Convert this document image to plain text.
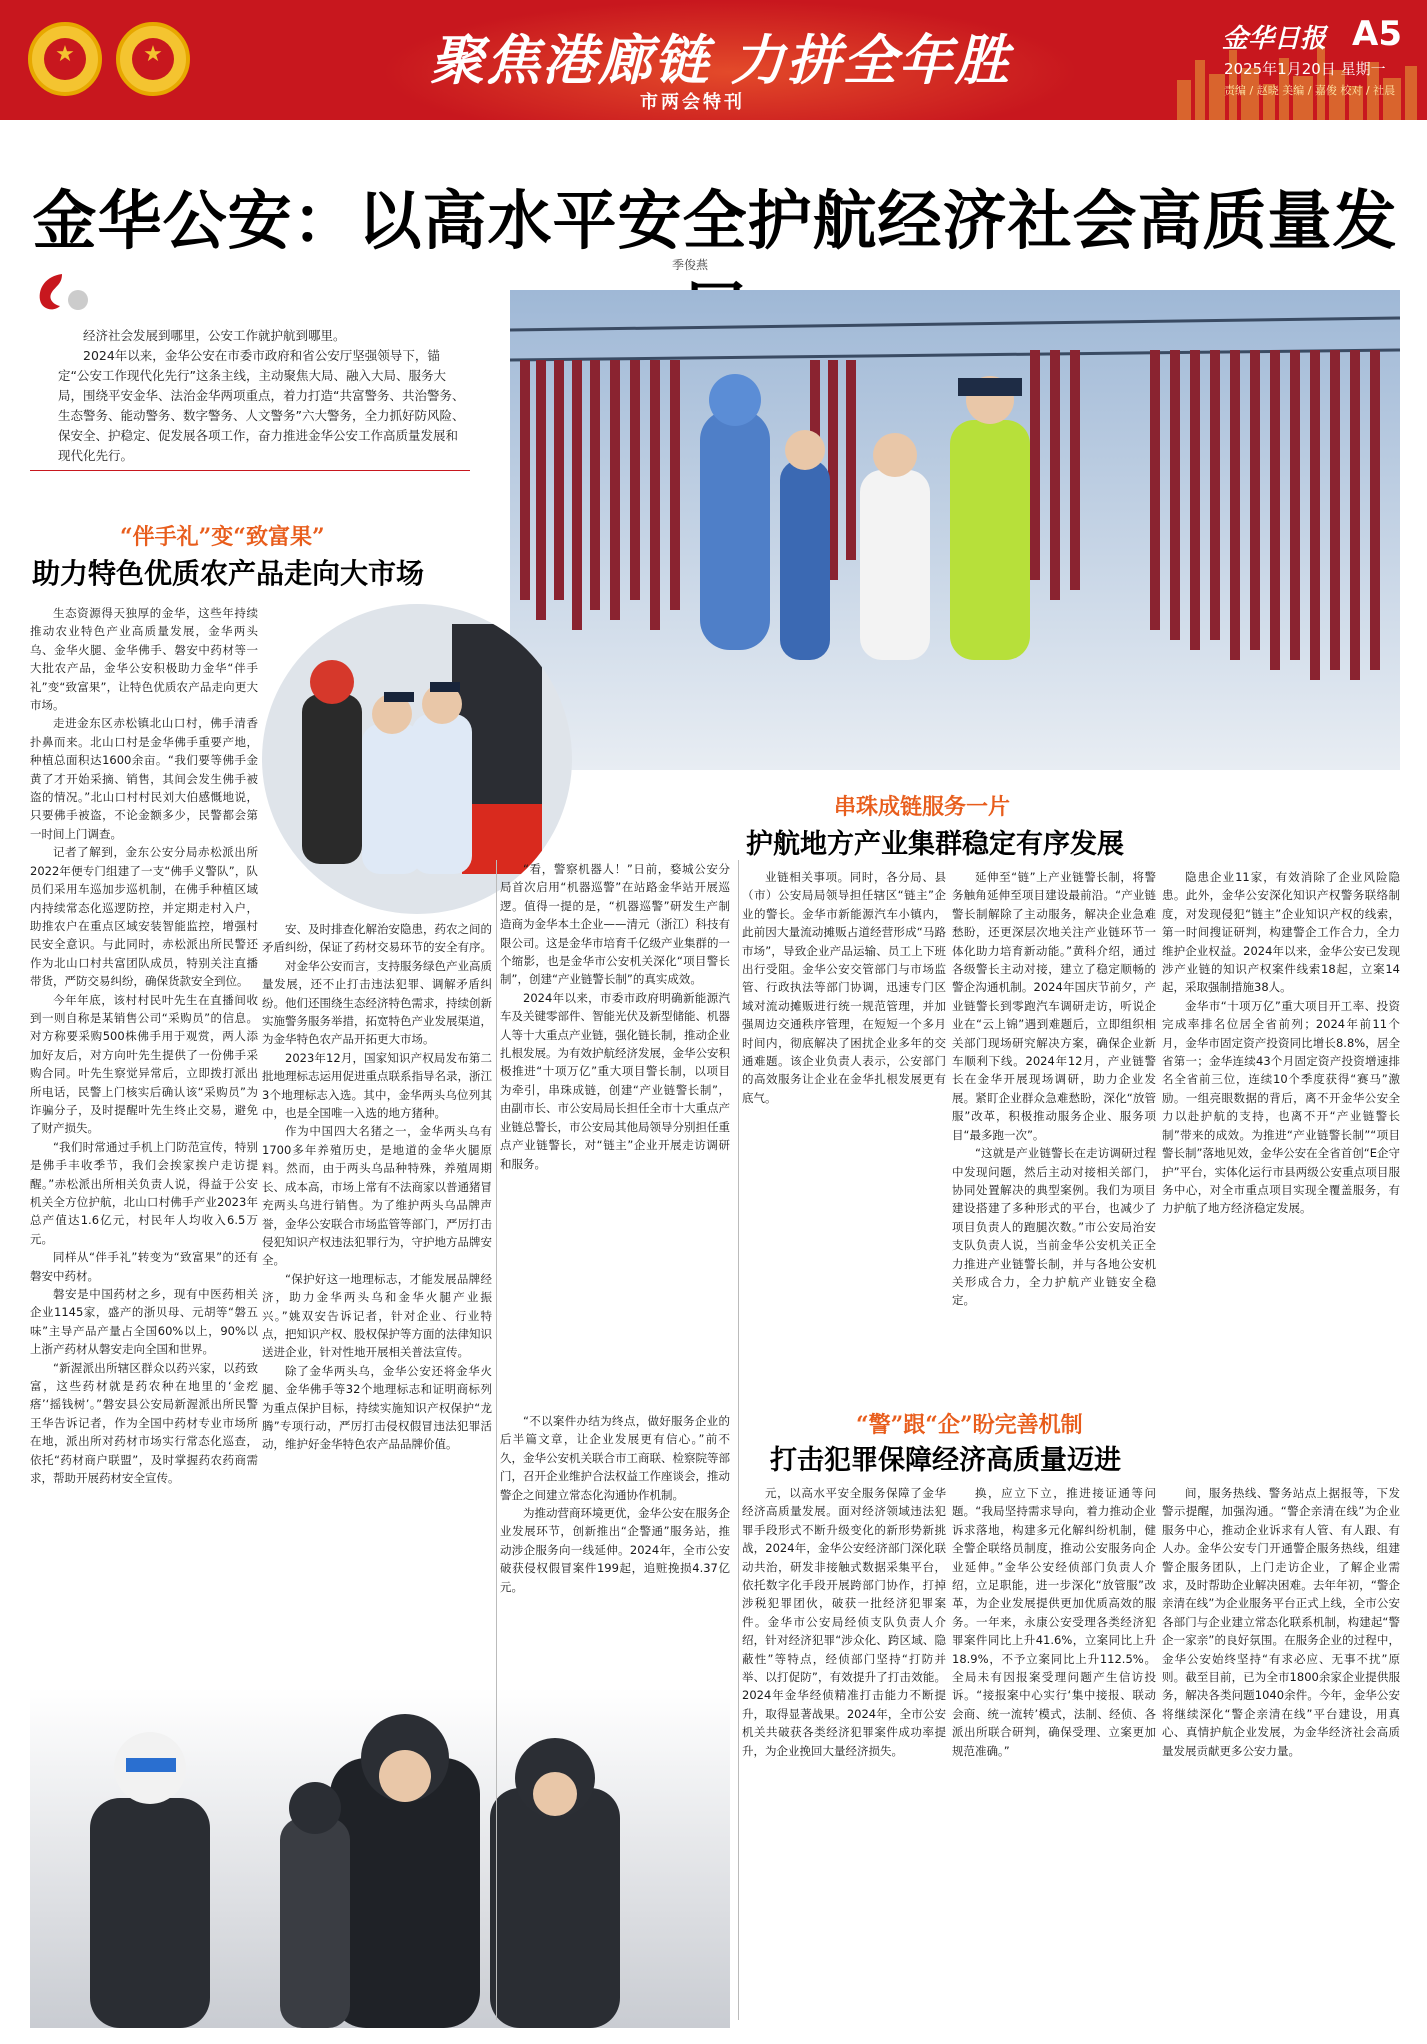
★	★	聚焦港廊链 力拼全年胜
市两会特刊
金华日报 A5
2025年1月20日 星期一
责编 / 赵晓 美编 / 嘉俊 校对 / 社晨
金华公安：以高水平安全护航经济社会高质量发
季俊燕

经济社会发展到哪里，公安工作就护航到哪里。

2024年以来，金华公安在市委市政府和省公安厅坚强领导下，锚定“公安工作现代化先行”这条主线，主动聚焦大局、融入大局、服务大局，围绕平安金华、法治金华两项重点，着力打造“共富警务、共治警务、生态警务、能动警务、数字警务、人文警务”六大警务，全力抓好防风险、保安全、护稳定、促发展各项工作，奋力推进金华公安工作高质量发展和现代化先行。

“伴手礼”变“致富果”
助力特色优质农产品走向大市场

生态资源得天独厚的金华，这些年持续推动农业特色产业高质量发展，金华两头乌、金华火腿、金华佛手、磐安中药材等一大批农产品，金华公安积极助力金华“伴手礼”变“致富果”，让特色优质农产品走向更大市场。

走进金东区赤松镇北山口村，佛手清香扑鼻而来。北山口村是金华佛手重要产地，种植总面积达1600余亩。“我们要等佛手金黄了才开始采摘、销售，其间会发生佛手被盗的情况。”北山口村村民刘大伯感慨地说，只要佛手被盗，不论金额多少，民警都会第一时间上门调查。

记者了解到，金东公安分局赤松派出所2022年便专门组建了一支“佛手义警队”，队员们采用车巡加步巡机制，在佛手种植区域内持续常态化巡逻防控，并定期走村入户，助推农户在重点区域安装智能监控，增强村民安全意识。与此同时，赤松派出所民警还作为北山口村共富团队成员，特别关注直播带货，严防交易纠纷，确保货款安全到位。

今年年底，该村村民叶先生在直播间收到一则自称是某销售公司“采购员”的信息。对方称要采购500株佛手用于观赏，两人添加好友后，对方向叶先生提供了一份佛手采购合同。叶先生察觉异常后，立即拨打派出所电话，民警上门核实后确认该“采购员”为诈骗分子，及时提醒叶先生终止交易，避免了财产损失。

“我们时常通过手机上门防范宣传，特别是佛手丰收季节，我们会挨家挨户走访提醒。”赤松派出所相关负责人说，得益于公安机关全方位护航，北山口村佛手产业2023年总产值达1.6亿元，村民年人均收入6.5万元。

同样从“伴手礼”转变为“致富果”的还有磐安中药材。

磐安是中国药材之乡，现有中医药相关企业1145家，盛产的浙贝母、元胡等“磐五味”主导产品产量占全国60%以上，90%以上浙产药材从磐安走向全国和世界。

“新渥派出所辖区群众以药兴家，以药致富，这些药材就是药农种在地里的‘金疙瘩’‘摇钱树’。”磐安县公安局新渥派出所民警王华告诉记者，作为全国中药材专业市场所在地，派出所对药材市场实行常态化巡查，依托“药材商户联盟”，及时掌握药农药商需求，帮助开展药材安全宣传。

安、及时排查化解治安隐患，药农之间的矛盾纠纷，保证了药材交易环节的安全有序。

对金华公安而言，支持服务绿色产业高质量发展，还不止打击违法犯罪、调解矛盾纠纷。他们还围绕生态经济特色需求，持续创新实施警务服务举措，拓宽特色产业发展渠道，为金华特色农产品开拓更大市场。

2023年12月，国家知识产权局发布第二批地理标志运用促进重点联系指导名录，浙江3个地理标志入选。其中，金华两头乌位列其中，也是全国唯一入选的地方猪种。

作为中国四大名猪之一，金华两头乌有1700多年养殖历史，是地道的金华火腿原料。然而，由于两头乌品种特殊，养殖周期长、成本高，市场上常有不法商家以普通猪冒充两头乌进行销售。为了维护两头乌品牌声誉，金华公安联合市场监管等部门，严厉打击侵犯知识产权违法犯罪行为，守护地方品牌安全。

“保护好这一地理标志，才能发展品牌经济，助力金华两头乌和金华火腿产业振兴。”姚双安告诉记者，针对企业、行业特点，把知识产权、股权保护等方面的法律知识送进企业，针对性地开展相关普法宣传。

除了金华两头乌，金华公安还将金华火腿、金华佛手等32个地理标志和证明商标列为重点保护目标，持续实施知识产权保护“龙腾”专项行动，严厉打击侵权假冒违法犯罪活动，维护好金华特色农产品品牌价值。

“看，警察机器人！”日前，婺城公安分局首次启用“机器巡警”在站路金华站开展巡逻。值得一提的是，“机器巡警”研发生产制造商为金华本土企业——清元（浙江）科技有限公司。这是金华市培育千亿级产业集群的一个缩影，也是金华市公安机关深化“项目警长制”，创建“产业链警长制”的真实成效。

2024年以来，市委市政府明确新能源汽车及关键零部件、智能光伏及新型储能、机器人等十大重点产业链，强化链长制，推动企业扎根发展。为有效护航经济发展，金华公安积极推进“十项万亿”重大项目警长制，以项目为牵引，串珠成链，创建“产业链警长制”，由副市长、市公安局局长担任全市十大重点产业链总警长，市公安局其他局领导分别担任重点产业链警长，对“链主”企业开展走访调研和服务。

“不以案件办结为终点，做好服务企业的后半篇文章，让企业发展更有信心。”前不久，金华公安机关联合市工商联、检察院等部门，召开企业维护合法权益工作座谈会，推动警企之间建立常态化沟通协作机制。

为推动营商环境更优，金华公安在服务企业发展环节，创新推出“企警通”服务站，推动涉企服务向一线延伸。2024年，全市公安破获侵权假冒案件199起，追赃挽损4.37亿元。

串珠成链服务一片
护航地方产业集群稳定有序发展

业链相关事项。同时，各分局、县（市）公安局局领导担任辖区“链主”企业的警长。金华市新能源汽车小镇内，此前因大量流动摊贩占道经营形成“马路市场”，导致企业产品运输、员工上下班出行受阻。金华公安交管部门与市场监管、行政执法等部门协调，迅速专门区域对流动摊贩进行统一规范管理，并加强周边交通秩序管理，在短短一个多月时间内，彻底解决了困扰企业多年的交通难题。该企业负责人表示，公安部门的高效服务让企业在金华扎根发展更有底气。

延伸至“链”上产业链警长制，将警务触角延伸至项目建设最前沿。“产业链警长制解除了主动服务，解决企业急难愁盼，还更深层次地关注产业链环节一体化助力培育新动能。”黄科介绍，通过各级警长主动对接，建立了稳定顺畅的警企沟通机制。2024年国庆节前夕，产业链警长到零跑汽车调研走访，听说企业在“云上锦”遇到难题后，立即组织相关部门现场研究解决方案，确保企业新车顺利下线。2024年12月，产业链警长在金华开展现场调研，助力企业发展。紧盯企业群众急难愁盼，深化“放管服”改革，积极推动服务企业、服务项目“最多跑一次”。

“这就是产业链警长在走访调研过程中发现问题，然后主动对接相关部门，协同处置解决的典型案例。我们为项目建设搭建了多种形式的平台，也减少了项目负责人的跑腿次数。”市公安局治安支队负责人说，当前金华公安机关正全力推进产业链警长制，并与各地公安机关形成合力，全力护航产业链安全稳定。

隐患企业11家，有效消除了企业风险隐患。此外，金华公安深化知识产权警务联络制度，对发现侵犯“链主”企业知识产权的线索，第一时间搜证研判，构建警企工作合力，全力维护企业权益。2024年以来，金华公安已发现涉产业链的知识产权案件线索18起，立案14起，采取强制措施38人。

金华市“十项万亿”重大项目开工率、投资完成率排名位居全省前列；2024年前11个月，金华市固定资产投资同比增长8.8%，居全省第一；金华连续43个月固定资产投资增速排名全省前三位，连续10个季度获得“赛马”激励。一组亮眼数据的背后，离不开金华公安全力以赴护航的支持，也离不开“产业链警长制”带来的成效。为推进“产业链警长制”“项目警长制”落地见效，金华公安在全省首创“E企守护”平台，实体化运行市县两级公安重点项目服务中心，对全市重点项目实现全覆盖服务，有力护航了地方经济稳定发展。

“警”跟“企”盼完善机制
打击犯罪保障经济高质量迈进

元，以高水平安全服务保障了金华经济高质量发展。面对经济领域违法犯罪手段形式不断升级变化的新形势新挑战，2024年，金华公安经济部门深化联动共治，研发非接触式数据采集平台，依托数字化手段开展跨部门协作，打掉涉税犯罪团伙，破获一批经济犯罪案件。金华市公安局经侦支队负责人介绍，针对经济犯罪“涉众化、跨区域、隐蔽性”等特点，经侦部门坚持“打防并举、以打促防”，有效提升了打击效能。2024年金华经侦精准打击能力不断提升，取得显著战果。2024年，全市公安机关共破获各类经济犯罪案件成功率提升，为企业挽回大量经济损失。

换，应立下立，推进接证通等问题。“我局坚持需求导向，着力推动企业诉求落地，构建多元化解纠纷机制，健全警企联络员制度，推动公安服务向企业延伸。”金华公安经侦部门负责人介绍，立足职能，进一步深化“放管服”改革，为企业发展提供更加优质高效的服务。一年来，永康公安受理各类经济犯罪案件同比上升41.6%，立案同比上升18.9%，不予立案同比上升112.5%。全局未有因报案受理问题产生信访投诉。“接报案中心实行‘集中接报、联动会商、统一流转’模式，法制、经侦、各派出所联合研判，确保受理、立案更加规范准确。”

间，服务热线、警务站点上据报等，下发警示提醒，加强沟通。“警企亲清在线”为企业服务中心，推动企业诉求有人管、有人跟、有人办。金华公安专门开通警企服务热线，组建警企服务团队，上门走访企业，了解企业需求，及时帮助企业解决困难。去年年初，“警企亲清在线”为企业服务平台正式上线，全市公安各部门与企业建立常态化联系机制，构建起“警企一家亲”的良好氛围。在服务企业的过程中，金华公安始终坚持“有求必应、无事不扰”原则。截至目前，已为全市1800余家企业提供服务，解决各类问题1040余件。今年，金华公安将继续深化“警企亲清在线”平台建设，用真心、真情护航企业发展，为金华经济社会高质量发展贡献更多公安力量。
